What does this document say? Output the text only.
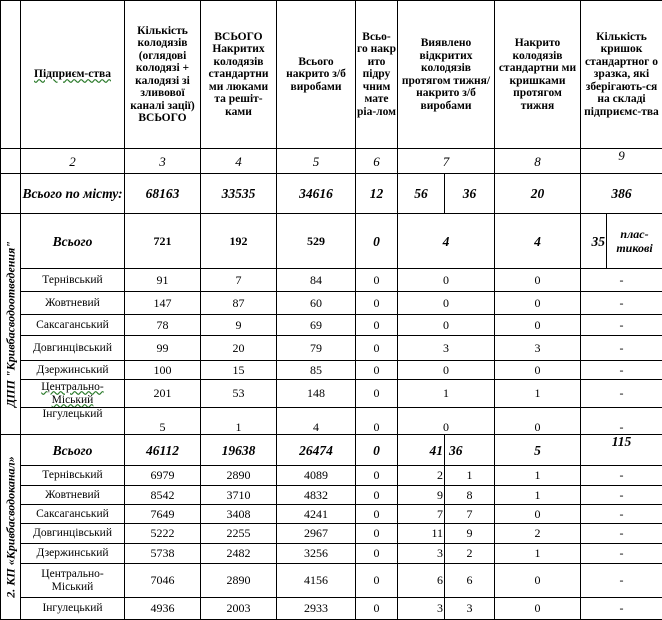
	Підприєм-ства	Кількість колодязів (оглядові колодязі + калодязі зі зливової каналі зації) ВСЬОГО	ВСЬОГО Накритих колодязів стандартни ми люками та решіт-ками	Всього накрито з/б виробами	Всьо-го накр ито підру чним мате ріа-лом	Виявлено відкритих колодязів протягом тижня/ накрито з/б виробами		Накрито колодязів стандартни ми кришками протягом тижня	Кількість кришок стандартног о зразка, які зберігають-ся на складі підприємс-тва	
	2	3	4	5	6	7		8	9	
	Всього по місту:	68163	33535	34616	12	56	36	20	386	

ДПП "Кривбасводоотведения"	Всього	721	192	529	0	4		4	35	плас-тикові
	Тернівський	91	7	84	0	0		0	-	
	Жовтневий	147	87	60	0	0		0	-	
	Саксаганський	78	9	69	0	0		0	-	
	Довгинцівський	99	20	79	0	3		3	-	
	Дзержинський	100	15	85	0	0		0	-	
	Центрально-Міський	201	53	148	0	1		1	-	
	Інгулецький	5	1	4	0	0		0	-	

2. КП «Кривбасводоканал»	Всього	46112	19638	26474	0	41	36	5	115	
	Тернівський	6979	2890	4089	0	2	1	1	-	
	Жовтневий	8542	3710	4832	0	9	8	1	-	
	Саксаганський	7649	3408	4241	0	7	7	0	-	
	Довгинцівський	5222	2255	2967	0	11	9	2	-	
	Дзержинський	5738	2482	3256	0	3	2	1	-	
	Центрально-Міський	7046	2890	4156	0	6	6	0	-	
	Інгулецький	4936	2003	2933	0	3	3	0	-	
